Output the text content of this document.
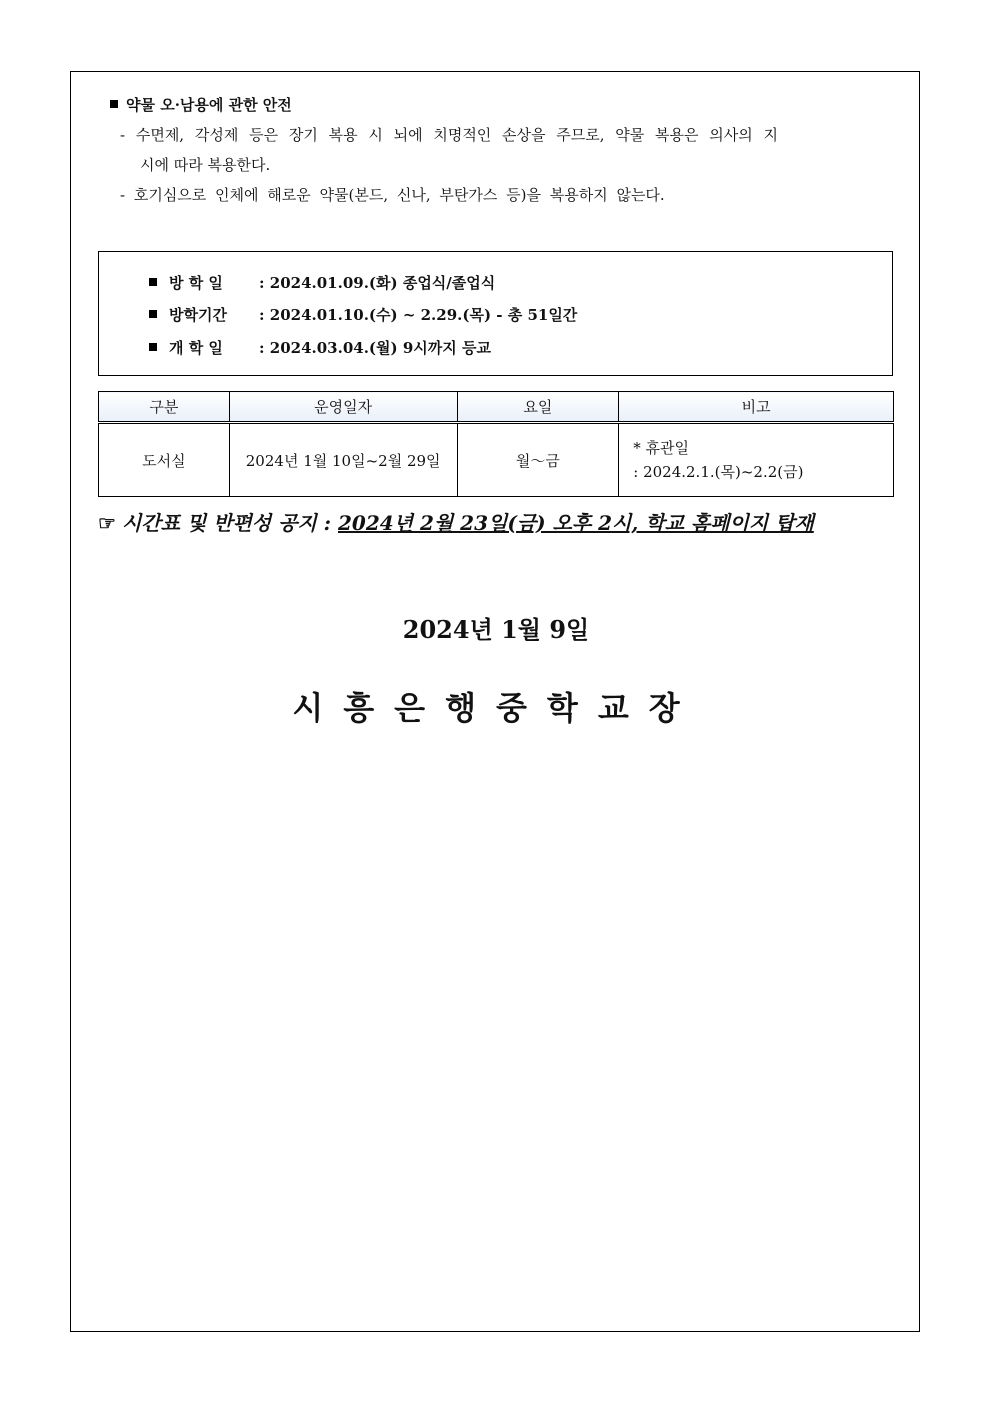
약물 오·남용에 관한 안전
- 수면제, 각성제 등은 장기 복용 시 뇌에 치명적인 손상을 주므로, 약물 복용은 의사의 지
시에 따라 복용한다.
- 호기심으로 인체에 해로운 약물(본드, 신나, 부탄가스 등)을 복용하지 않는다.
방 학 일 : 2024.01.09.(화) 종업식/졸업식
방학기간 : 2024.01.10.(수) ~ 2.29.(목) - 총 51일간
개 학 일 : 2024.03.04.(월) 9시까지 등교
구분	운영일자	요일	비고
도서실	2024년 1월 10일~2월 29일	월～금	* 휴관일
: 2024.2.1.(목)~2.2(금)
☞ 시간표 및 반편성 공지 : 2024년 2월 23일(금) 오후 2시, 학교 홈페이지 탑재
2024년 1월 9일
시흥은행중학교장
